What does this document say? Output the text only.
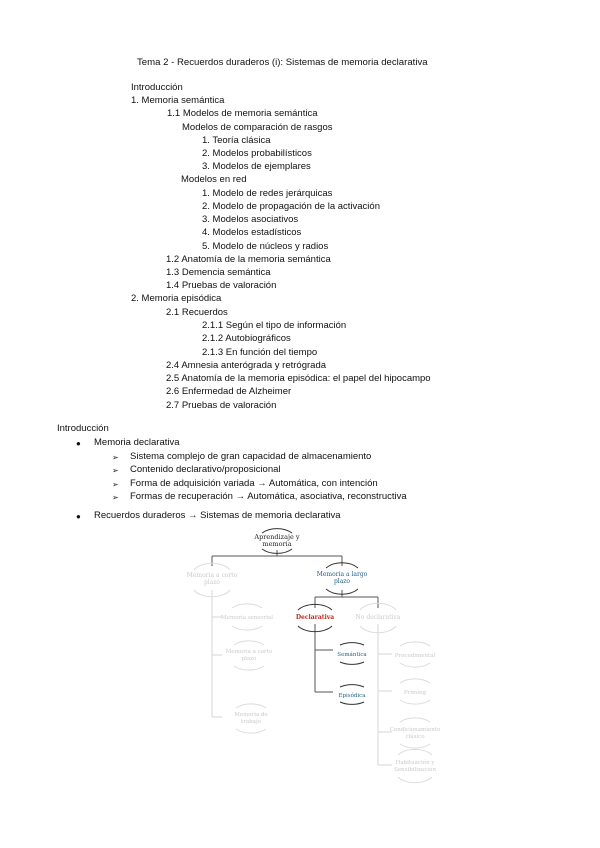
Tema 2 - Recuerdos duraderos (i): Sistemas de memoria declarativa
Introducción
1. Memoria semántica
1.1 Modelos de memoria semántica
Modelos de comparación de rasgos
1. Teoría clásica
2. Modelos probabilísticos
3. Modelos de ejemplares
Modelos en red
1. Modelo de redes jerárquicas
2. Modelo de propagación de la activación
3. Modelos asociativos
4. Modelos estadísticos
5. Modelo de núcleos y radios
1.2 Anatomía de la memoria semántica
1.3 Demencia semántica
1.4 Pruebas de valoración
2. Memoria episódica
2.1 Recuerdos
2.1.1 Según el tipo de información
2.1.2 Autobiográficos
2.1.3 En función del tiempo
2.4 Amnesia anterógrada y retrógrada
2.5 Anatomía de la memoria episódica: el papel del hipocampo
2.6 Enfermedad de Alzheimer
2.7 Pruebas de valoración
Introducción
● Memoria declarativa
➢ Sistema complejo de gran capacidad de almacenamiento
➢ Contenido declarativo/proposicional
➢ Forma de adquisición variada → Automática, con intención
➢ Formas de recuperación → Automática, asociativa, reconstructiva
● Recuerdos duraderos → Sistemas de memoria declarativa
Aprendizaje y
memoria
Memoria a largo
plazo
Memoria a corto
plazo
Declarativa	No declarativa
Semántica
Episódica
Memoria sensorial
Memoria a corto
plazo
Memoria de
trabajo
Procedimental
Priming
Condicionamiento
clásico
Habituación y
Sensibilización
